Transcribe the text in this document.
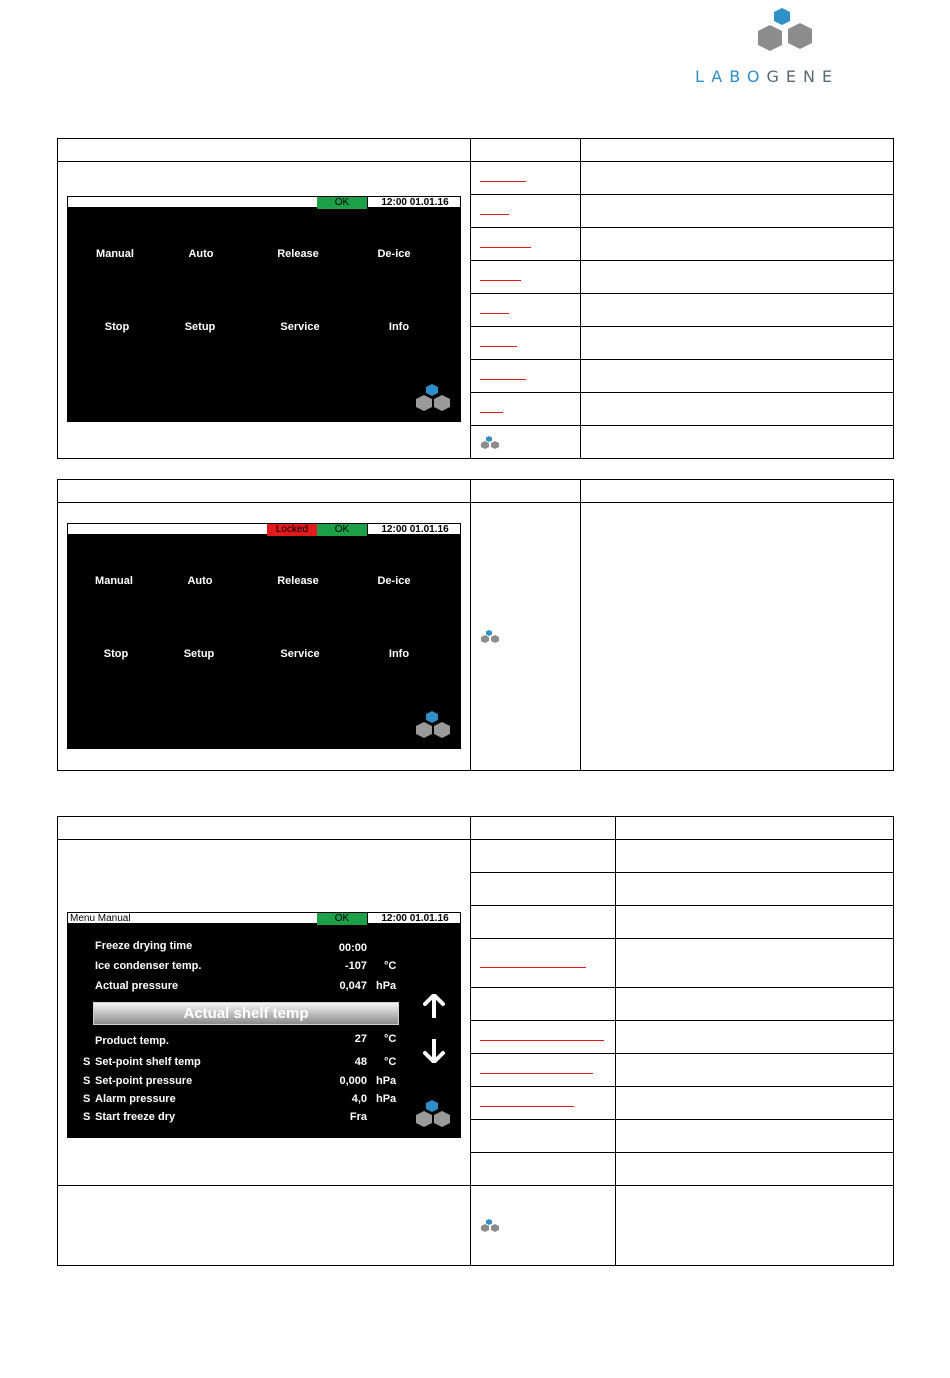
LABOGENE

OK	12:00 01.01.16
Manual	Auto	Release	De-ice
Stop	Setup	Service	Info

Locked	OK	12:00 01.01.16
Manual	Auto	Release	De-ice
Stop	Setup	Service	Info

Menu Manual	OK	12:00 01.01.16
Freeze drying time	00:00
Ice condenser temp.	-107 °C
Actual pressure	0,047 hPa
Actual shelf temp
Product temp.	27 °C
S Set-point shelf temp	48 °C
S Set-point pressure	0,000 hPa
S Alarm pressure	4,0 hPa
S Start freeze dry	Fra
